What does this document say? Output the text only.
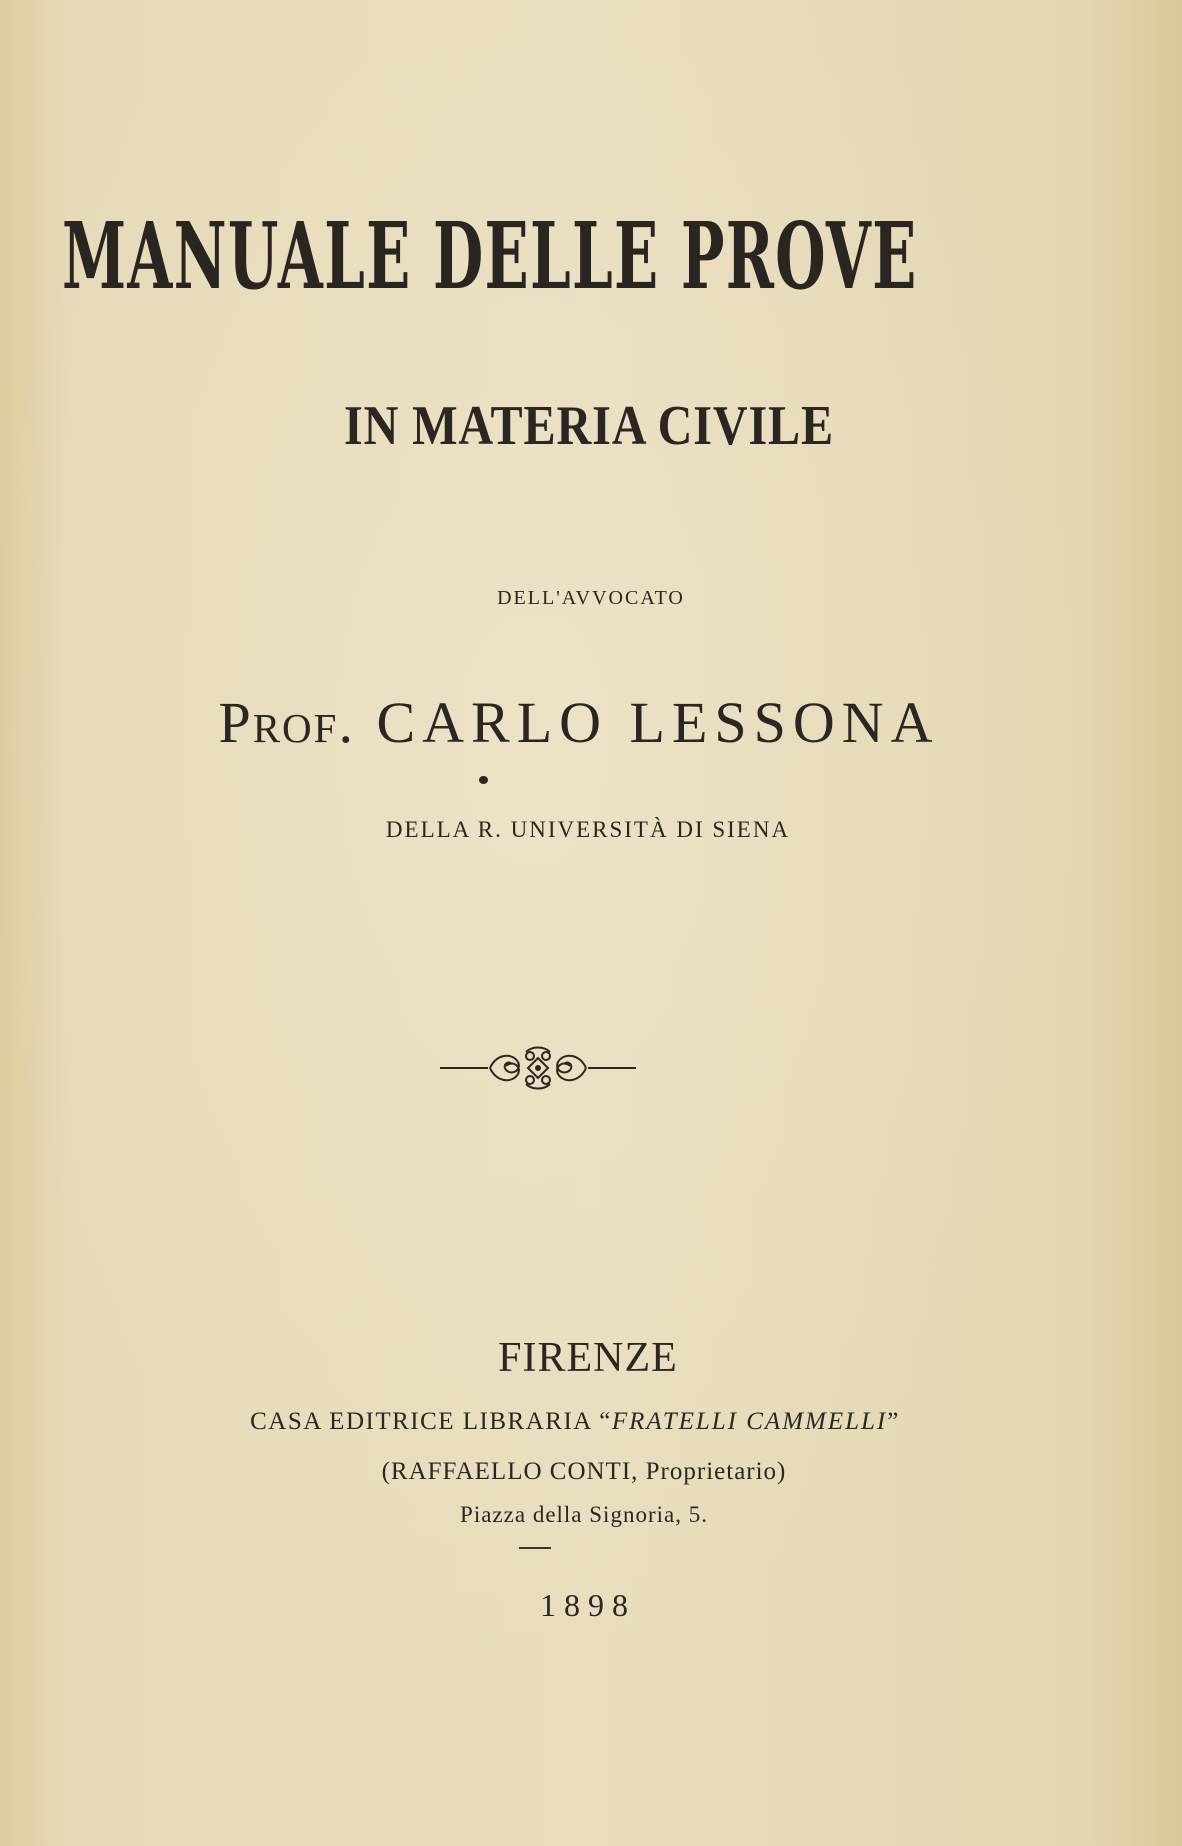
MANUALE DELLE PROVE
IN MATERIA CIVILE

DELL'AVVOCATO

Prof. CARLO LESSONA

DELLA R. UNIVERSITÀ DI SIENA

FIRENZE

CASA EDITRICE LIBRARIA “FRATELLI CAMMELLI”

(RAFFAELLO CONTI, Proprietario)

Piazza della Signoria, 5.

1898
